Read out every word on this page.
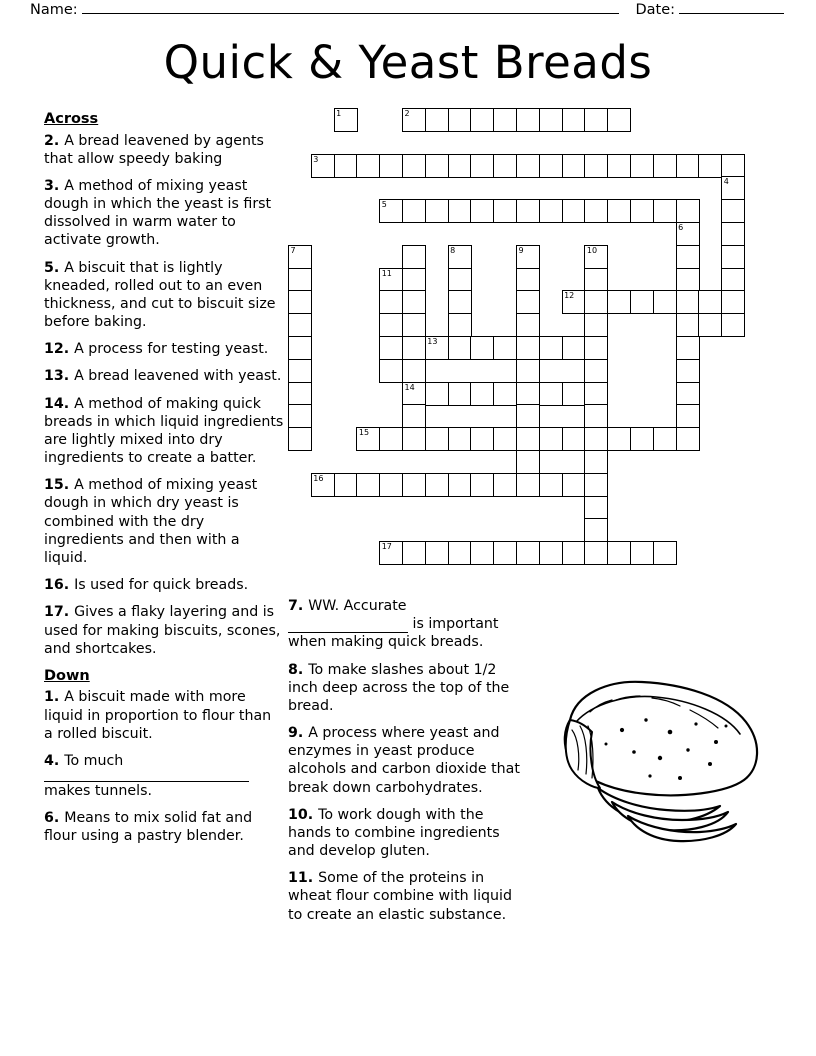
Name:	Date:
Quick & Yeast Breads
Across
2. A bread leavened by agents that allow speedy baking
3. A method of mixing yeast dough in which the yeast is first dissolved in warm water to activate growth.
5. A biscuit that is lightly kneaded, rolled out to an even thickness, and cut to biscuit size before baking.
12. A process for testing yeast.
13. A bread leavened with yeast.
14. A method of making quick breads in which liquid ingredients are lightly mixed into dry ingredients to create a batter.
15. A method of mixing yeast dough in which dry yeast is combined with the dry ingredients and then with a liquid.
16. Is used for quick breads.
17. Gives a flaky layering and is used for making biscuits, scones, and shortcakes.
Down
1. A biscuit made with more liquid in proportion to flour than a rolled biscuit.
4. To much
makes tunnels.
6. Means to mix solid fat and flour using a pastry blender.
7. WW. Accurate is important when making quick breads.
8. To make slashes about 1/2 inch deep across the top of the bread.
9. A process where yeast and enzymes in yeast produce alcohols and carbon dioxide that break down carbohydrates.
10. To work dough with the hands to combine ingredients and develop gluten.
11. Some of the proteins in wheat flour combine with liquid to create an elastic substance.
1	2
3
4
5
6
7	8	9	10
11
12
13
14
15
16
17
